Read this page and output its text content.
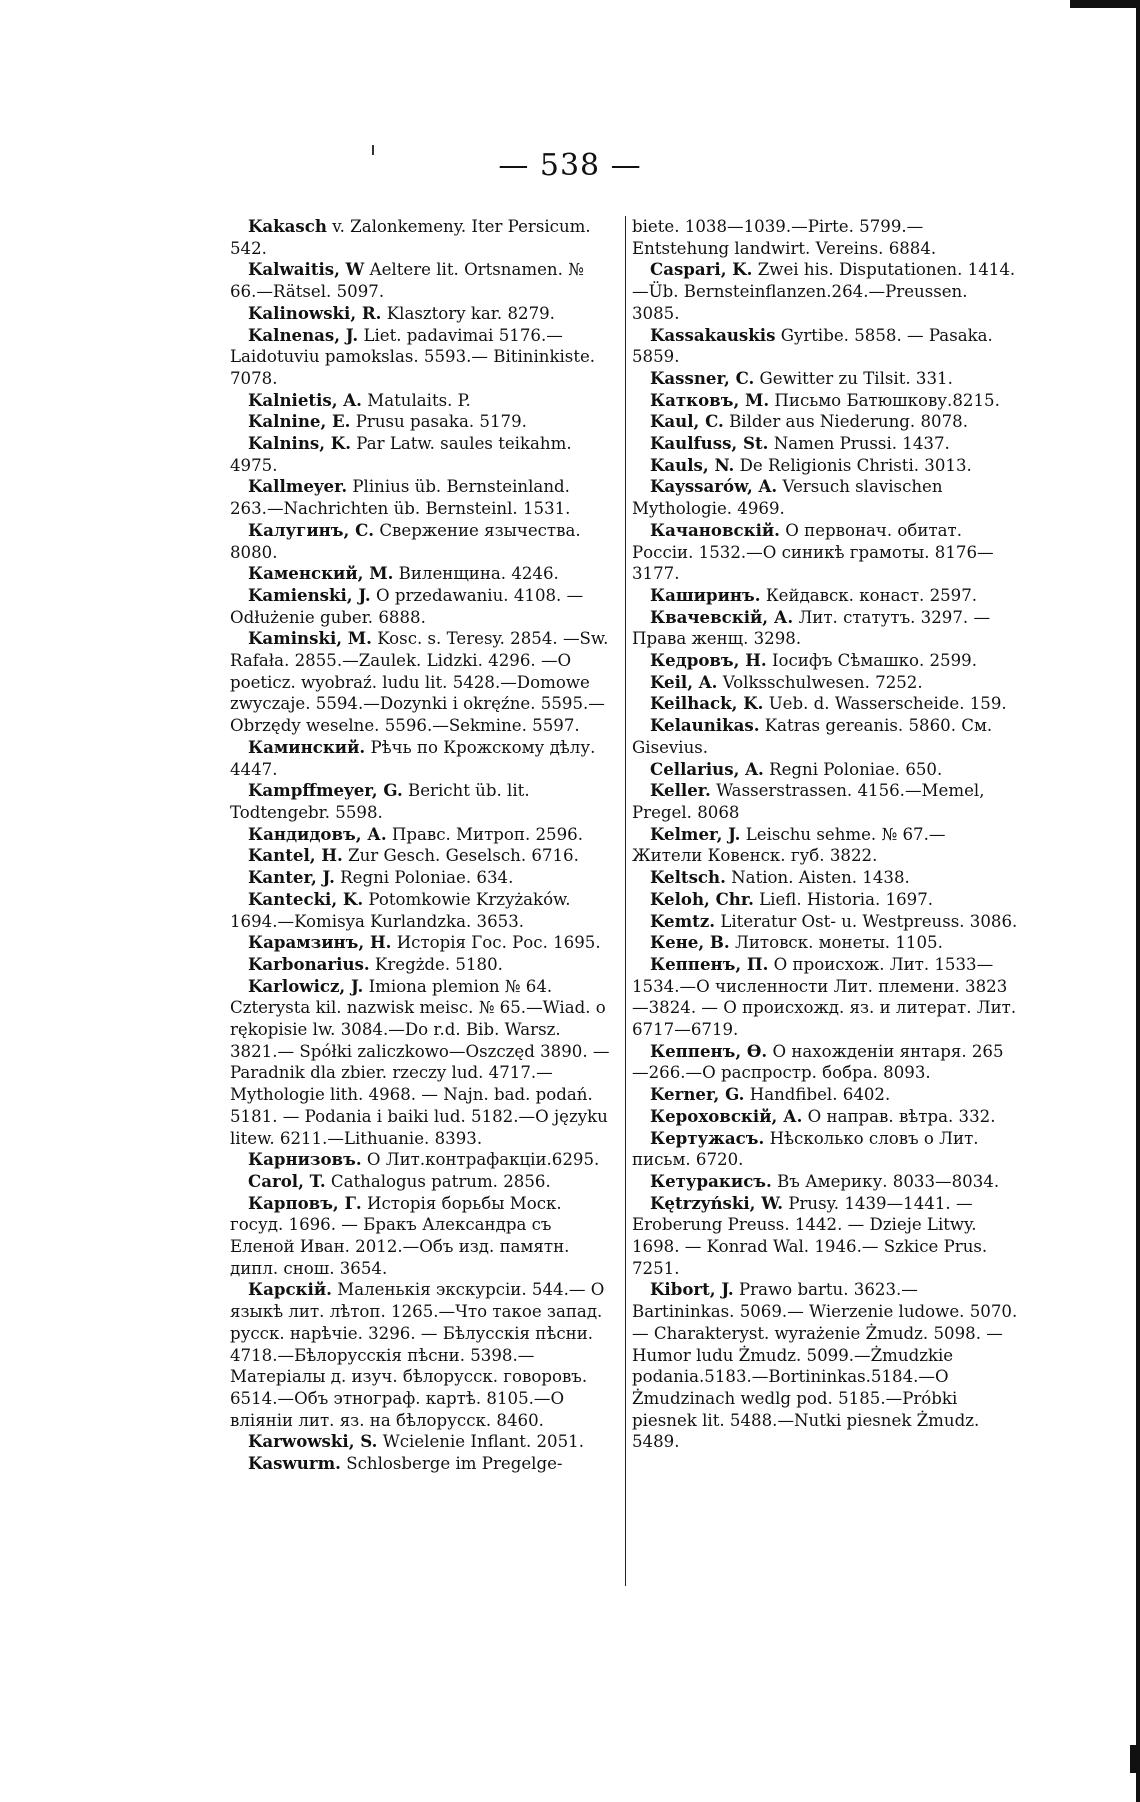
— 538 —

Kakasch v. Zalonkemeny. Iter Persicum. 542.

Kalwaitis, W Aeltere lit. Ortsnamen. № 66.—Rätsel. 5097.

Kalinowski, R. Klasztory kar. 8279.

Kalnenas, J. Liet. padavimai 5176.—Laidotuviu pamokslas. 5593.— Bitininkiste. 7078.

Kalnietis, A. Matulaits. P.

Kalnine, E. Prusu pasaka. 5179.

Kalnins, K. Par Latw. saules teikahm. 4975.

Kallmeyer. Plinius üb. Bernsteinland. 263.—Nachrichten üb. Bernsteinl. 1531.

Калугинъ, С. Свержение язычества. 8080.

Каменский, М. Виленщина. 4246.

Kamienski, J. O przedawaniu. 4108. —Odłużenie guber. 6888.

Kaminski, M. Kosc. s. Teresy. 2854. —Sw. Rafała. 2855.—Zaulek. Lidzki. 4296. —O poeticz. wyobraź. ludu lit. 5428.—Domowe zwyczaje. 5594.—Dozynki i okręźne. 5595.—Obrzędy weselne. 5596.—Sekmine. 5597.

Каминский. Рѣчь по Крожскому дѣлу. 4447.

Kampffmeyer, G. Bericht üb. lit. Todtengebr. 5598.

Кандидовъ, А. Правс. Митроп. 2596.

Kantel, H. Zur Gesch. Geselsch. 6716.

Kanter, J. Regni Poloniae. 634.

Kantecki, K. Potomkowie Krzyżaków. 1694.—Komisya Kurlandzka. 3653.

Карамзинъ, Н. Исторія Гос. Рос. 1695.

Karbonarius. Kregżde. 5180.

Karlowicz, J. Imiona plemion № 64. Czterysta kil. nazwisk meisc. № 65.—Wiad. o rękopisie lw. 3084.—Do r.d. Bib. Warsz. 3821.— Spółki zaliczkowo—Oszczęd 3890. —Paradnik dla zbier. rzeczy lud. 4717.—Mythologie lith. 4968. — Najn. bad. podań. 5181. — Podania i baiki lud. 5182.—O języku litew. 6211.—Lithuanie. 8393.

Карнизовъ. О Лит.контрафакціи.6295.

Carol, T. Cathalogus patrum. 2856.

Карповъ, Г. Исторія борьбы Моск. госуд. 1696. — Бракъ Александра съ Еленой Иван. 2012.—Объ изд. памятн. дипл. снош. 3654.

Карскій. Маленькія экскурсіи. 544.— О языкѣ лит. лѣтоп. 1265.—Что такое запад. русск. нарѣчіе. 3296. — Бѣлусскія пѣсни. 4718.—Бѣлорусскія пѣсни. 5398.— Матеріалы д. изуч. бѣлорусск. говоровъ. 6514.—Объ этнограф. картѣ. 8105.—О вліяніи лит. яз. на бѣлорусск. 8460.

Karwowski, S. Wcielenie Inflant. 2051.

Kaswurm. Schlosberge im Pregelge-

biete. 1038—1039.—Pirte. 5799.—Entstehung landwirt. Vereins. 6884.

Caspari, K. Zwei his. Disputationen. 1414.—Üb. Bernsteinflanzen.264.—Preussen. 3085.

Kassakauskis Gyrtibe. 5858. — Pasaka. 5859.

Kassner, C. Gewitter zu Tilsit. 331.

Катковъ, М. Письмо Батюшкову.8215.

Kaul, C. Bilder aus Niederung. 8078.

Kaulfuss, St. Namen Prussi. 1437.

Kauls, N. De Religionis Christi. 3013.

Kayssarów, A. Versuch slavischen Mythologie. 4969.

Качановскій. О первонач. обитат. Россіи. 1532.—О синикѣ грамоты. 8176—3177.

Каширинъ. Кейдавск. конаст. 2597.

Квачевскій, А. Лит. статутъ. 3297. —Права женщ. 3298.

Кедровъ, Н. Іосифъ Сѣмашко. 2599.

Keil, A. Volksschulwesen. 7252.

Keilhack, K. Ueb. d. Wasserscheide. 159.

Kelaunikas. Katras gereanis. 5860. Cм. Gisevius.

Cellarius, A. Regni Poloniae. 650.

Keller. Wasserstrassen. 4156.—Memel, Pregel. 8068

Kelmer, J. Leischu sehme. № 67.— Жители Ковенск. губ. 3822.

Keltsch. Nation. Aisten. 1438.

Keloh, Chr. Liefl. Historia. 1697.

Kemtz. Literatur Ost- u. Westpreuss. 3086.

Кене, В. Литовск. монеты. 1105.

Кеппенъ, П. О происхож. Лит. 1533—1534.—О численности Лит. племени. 3823—3824. — О происхожд. яз. и литерат. Лит. 6717—6719.

Кеппенъ, Ѳ. О нахожденіи янтаря. 265—266.—О распростр. бобра. 8093.

Kerner, G. Handfibel. 6402.

Кероховскій, А. О направ. вѣтра. 332.

Кертужасъ. Нѣсколько словъ о Лит. письм. 6720.

Кетуракисъ. Въ Америку. 8033—8034.

Kętrzyński, W. Prusy. 1439—1441. —Eroberung Preuss. 1442. — Dzieje Litwy. 1698. — Konrad Wal. 1946.— Szkice Prus. 7251.

Kibort, J. Prawo bartu. 3623.—Bartininkas. 5069.— Wierzenie ludowe. 5070.— Charakteryst. wyrażenie Żmudz. 5098. — Humor ludu Żmudz. 5099.—Żmudzkie podania.5183.—Bortininkas.5184.—O Żmudzinach wedlg pod. 5185.—Próbki piesnek lit. 5488.—Nutki piesnek Żmudz. 5489.
